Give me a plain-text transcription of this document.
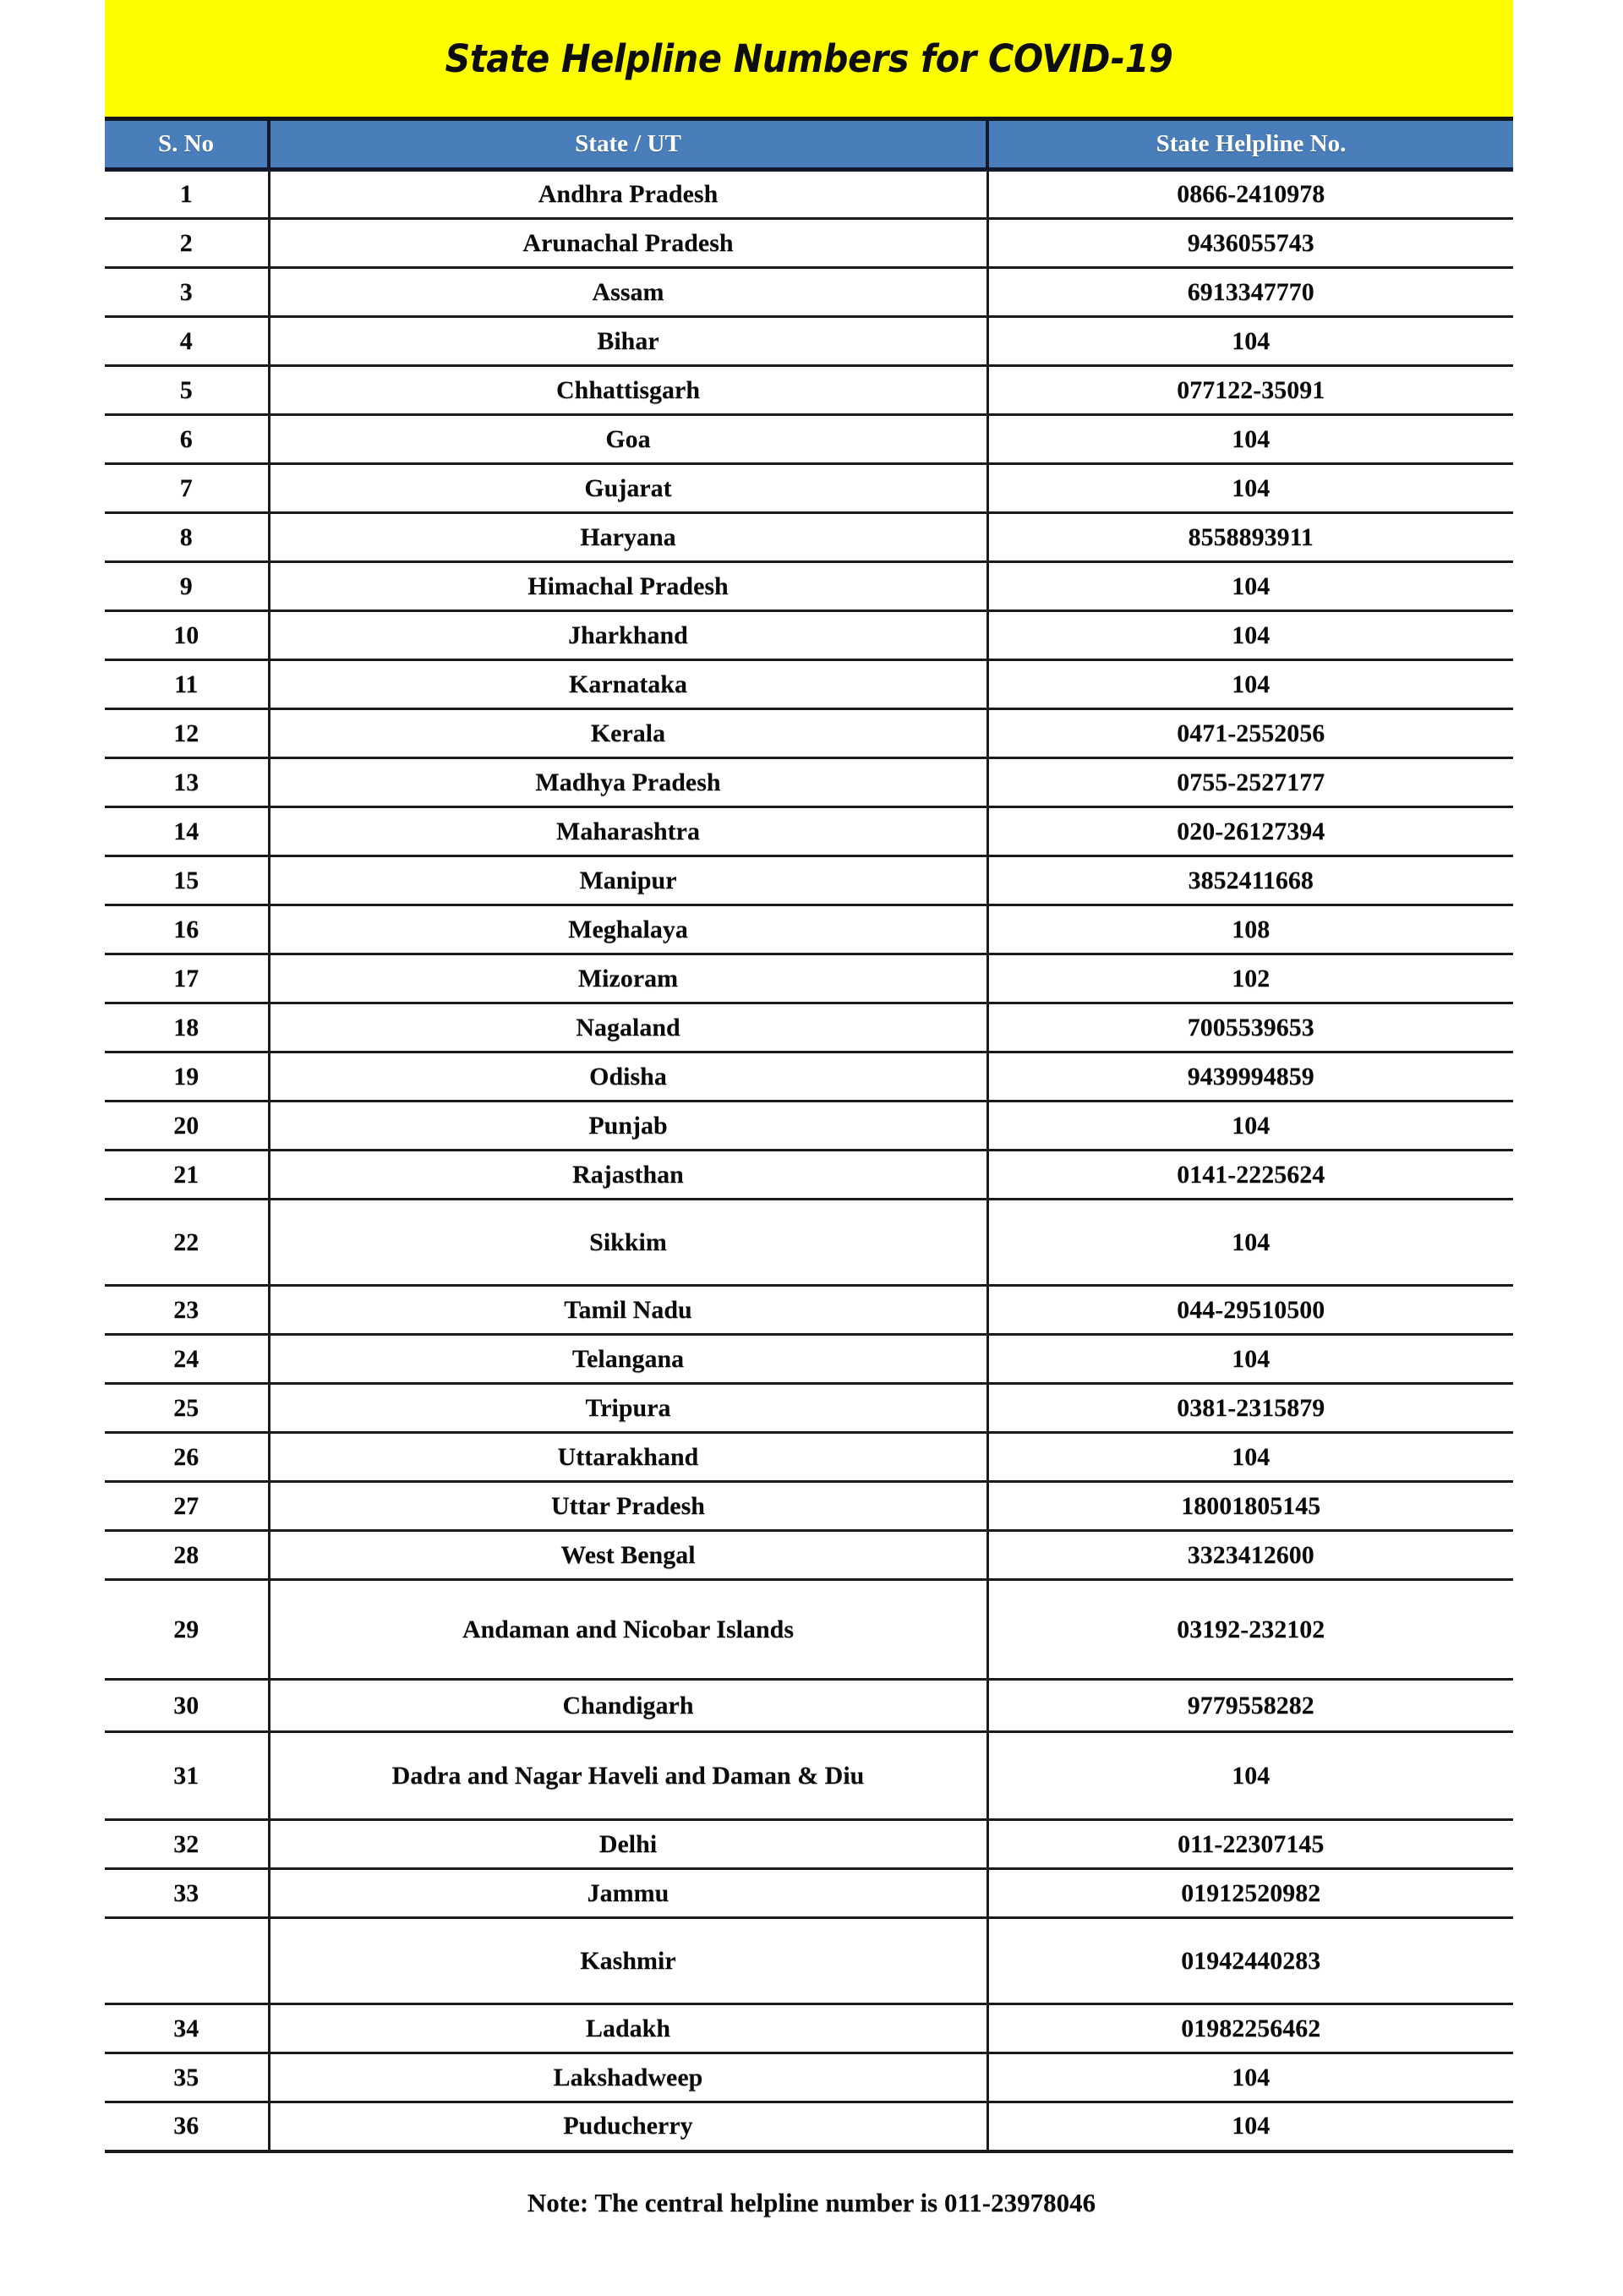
State Helpline Numbers for COVID-19
S. No	State / UT	State Helpline No.
1	Andhra Pradesh	0866-2410978
2	Arunachal Pradesh	9436055743
3	Assam	6913347770
4	Bihar	104
5	Chhattisgarh	077122-35091
6	Goa	104
7	Gujarat	104
8	Haryana	8558893911
9	Himachal Pradesh	104
10	Jharkhand	104
11	Karnataka	104
12	Kerala	0471-2552056
13	Madhya Pradesh	0755-2527177
14	Maharashtra	020-26127394
15	Manipur	3852411668
16	Meghalaya	108
17	Mizoram	102
18	Nagaland	7005539653
19	Odisha	9439994859
20	Punjab	104
21	Rajasthan	0141-2225624
22	Sikkim	104
23	Tamil Nadu	044-29510500
24	Telangana	104
25	Tripura	0381-2315879
26	Uttarakhand	104
27	Uttar Pradesh	18001805145
28	West Bengal	3323412600
29	Andaman and Nicobar Islands	03192-232102
30	Chandigarh	9779558282
31	Dadra and Nagar Haveli and Daman & Diu	104
32	Delhi	011-22307145
33	Jammu	01912520982
	Kashmir	01942440283
34	Ladakh	01982256462
35	Lakshadweep	104
36	Puducherry	104
Note: The central helpline number is 011-23978046
